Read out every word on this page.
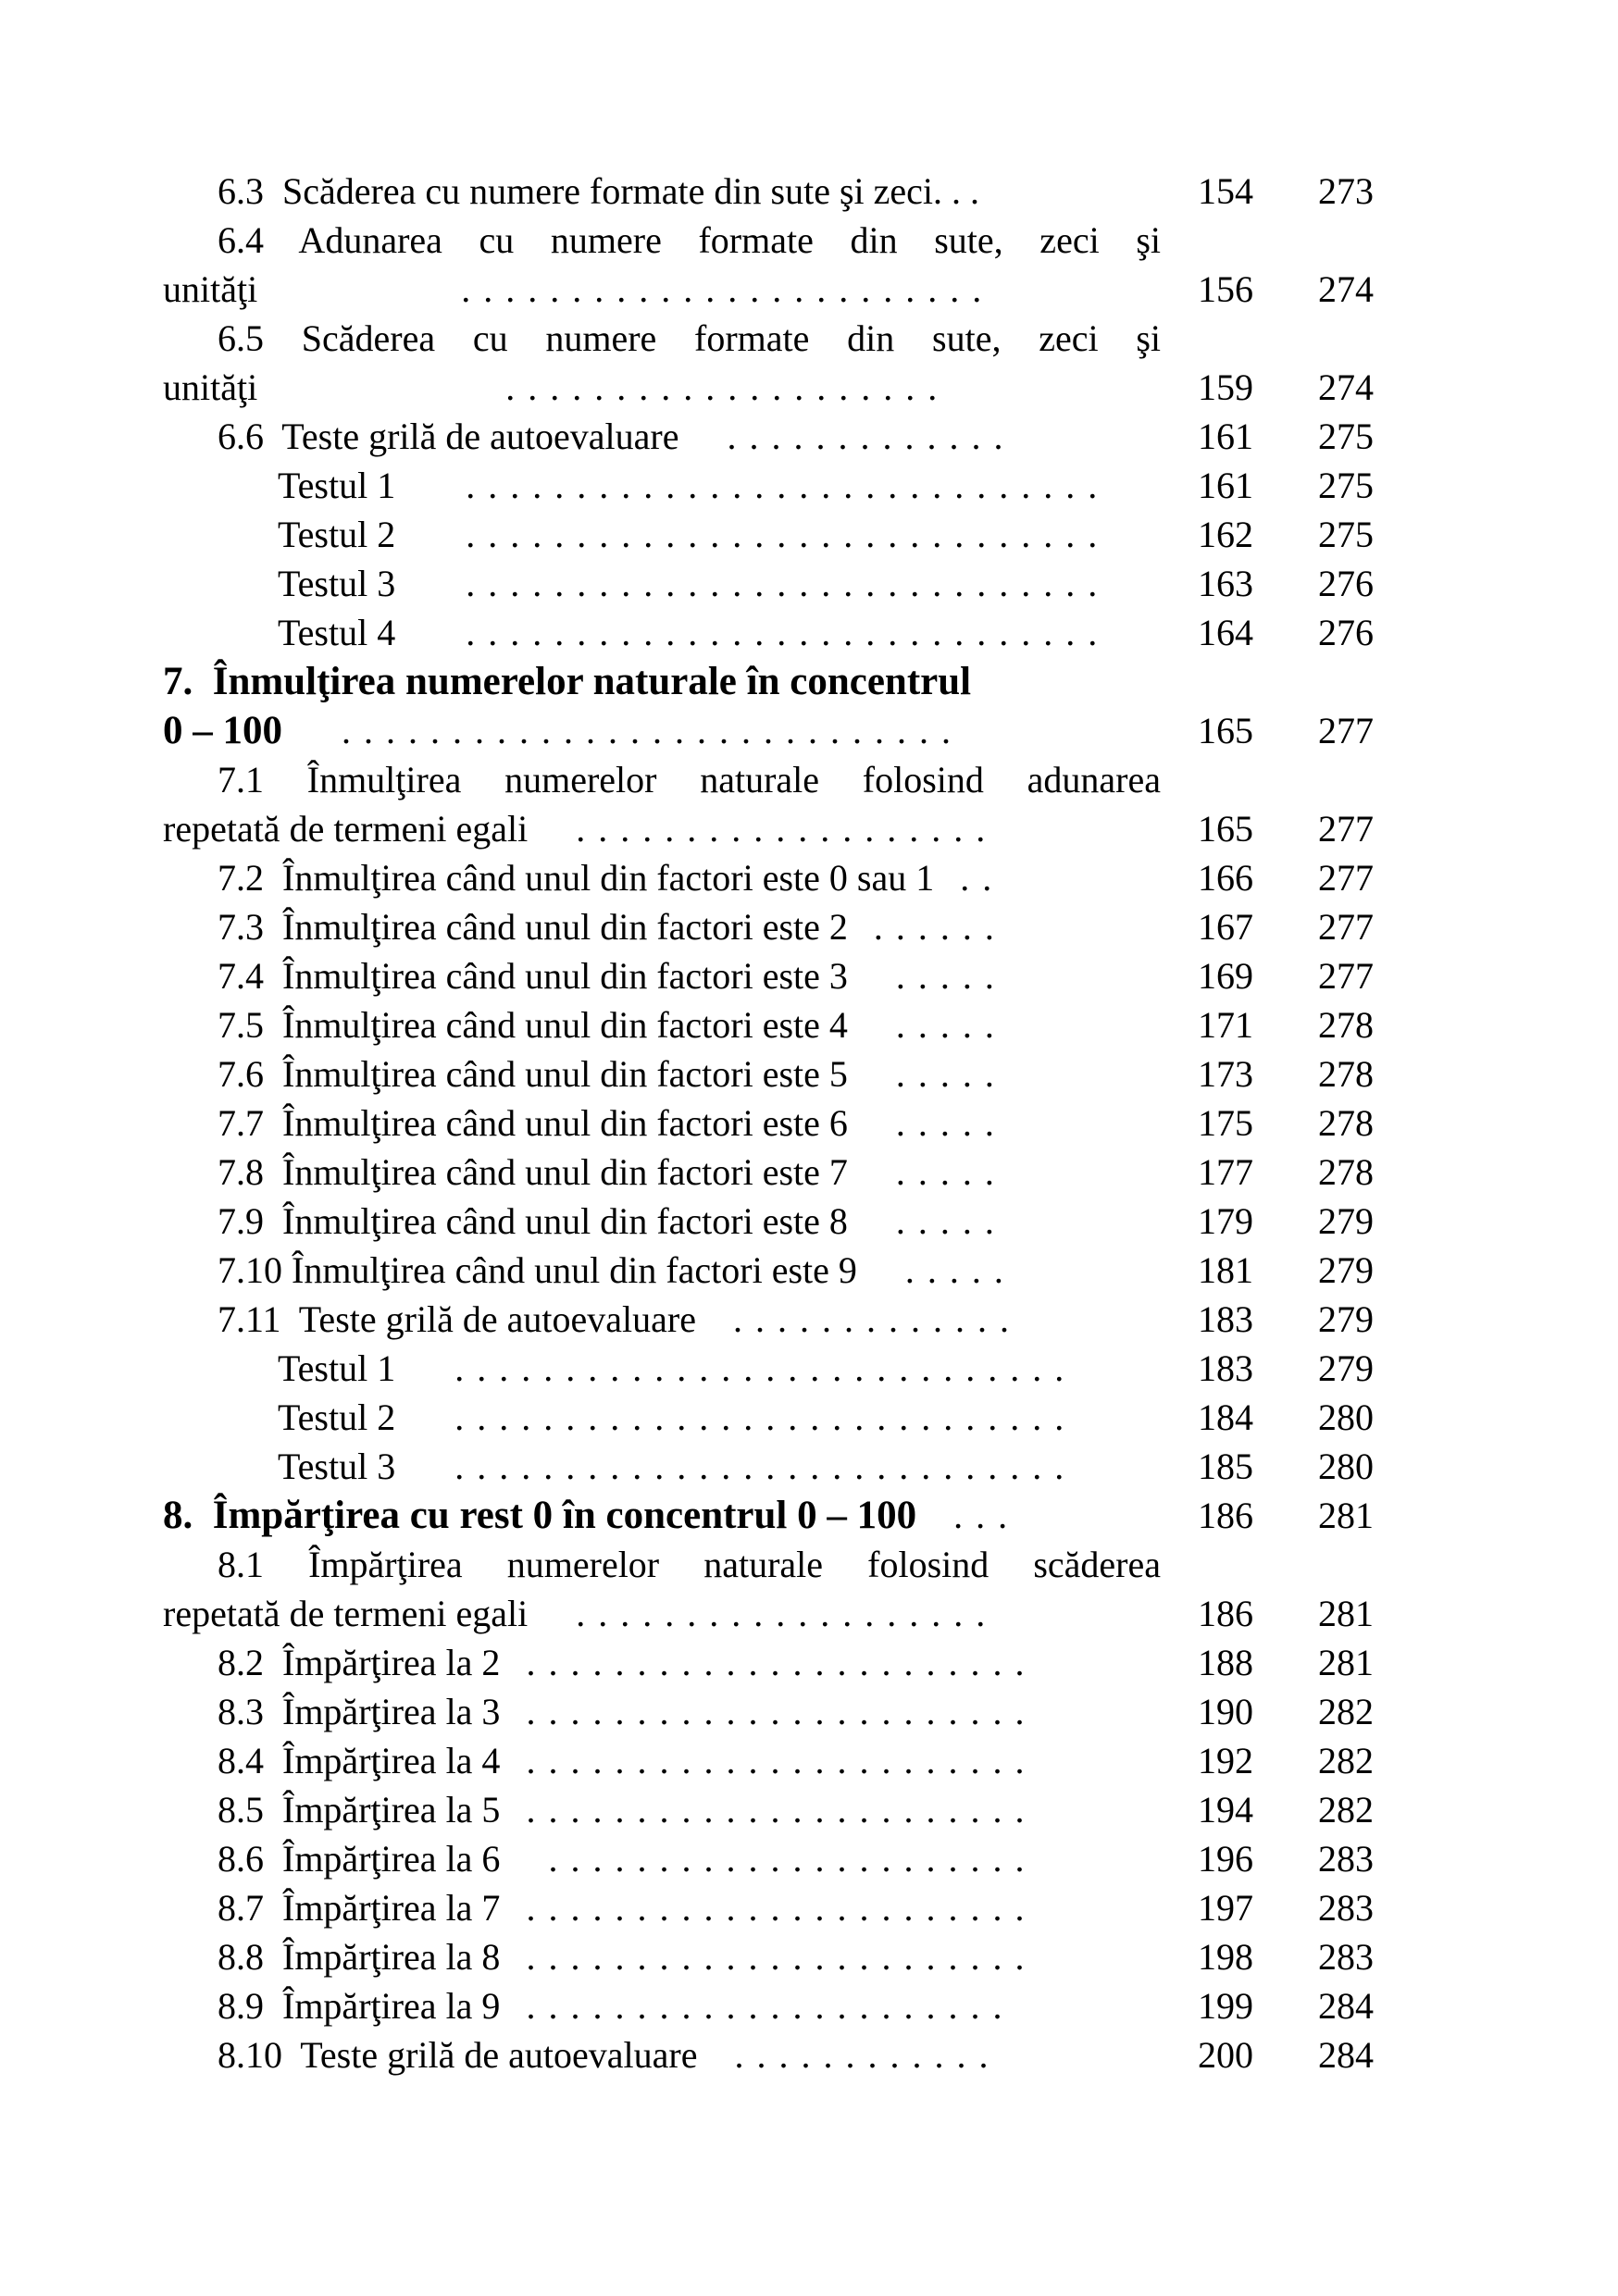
6.3  Scăderea cu numere formate din sute şi zeci. . .	154	273
6.4 Adunarea cu numere formate din sute, zeci şi
unităţi . . . . . . . . . . . . . . . . . . . . . . . .	156	274
6.5 Scăderea cu numere formate din sute, zeci şi
unităţi . . . . . . . . . . . . . . . . . . . .	159	274
6.6  Teste grilă de autoevaluare . . . . . . . . . . . . .	161	275
Testul 1 . . . . . . . . . . . . . . . . . . . . . . . . . . . . .	161	275
Testul 2 . . . . . . . . . . . . . . . . . . . . . . . . . . . . .	162	275
Testul 3 . . . . . . . . . . . . . . . . . . . . . . . . . . . . .	163	276
Testul 4 . . . . . . . . . . . . . . . . . . . . . . . . . . . . .	164	276
7.  Înmulţirea numerelor naturale în concentrul
0 – 100 . . . . . . . . . . . . . . . . . . . . . . . . . . . .	165	277
7.1 Înmulţirea numerelor naturale folosind adunarea
repetată de termeni egali . . . . . . . . . . . . . . . . . . .	165	277
7.2  Înmulţirea când unul din factori este 0 sau 1 . .	166	277
7.3  Înmulţirea când unul din factori este 2 . . . . . .	167	277
7.4  Înmulţirea când unul din factori este 3 . . . . .	169	277
7.5  Înmulţirea când unul din factori este 4 . . . . .	171	278
7.6  Înmulţirea când unul din factori este 5 . . . . .	173	278
7.7  Înmulţirea când unul din factori este 6 . . . . .	175	278
7.8  Înmulţirea când unul din factori este 7 . . . . .	177	278
7.9  Înmulţirea când unul din factori este 8 . . . . .	179	279
7.10 Înmulţirea când unul din factori este 9 . . . . .	181	279
7.11  Teste grilă de autoevaluare . . . . . . . . . . . . .	183	279
Testul 1 . . . . . . . . . . . . . . . . . . . . . . . . . . . .	183	279
Testul 2 . . . . . . . . . . . . . . . . . . . . . . . . . . . .	184	280
Testul 3 . . . . . . . . . . . . . . . . . . . . . . . . . . . .	185	280
8.  Împărţirea cu rest 0 în concentrul 0 – 100 . . .	186	281
8.1 Împărţirea numerelor naturale folosind scăderea
repetată de termeni egali . . . . . . . . . . . . . . . . . . .	186	281
8.2  Împărţirea la 2 . . . . . . . . . . . . . . . . . . . . . . .	188	281
8.3  Împărţirea la 3 . . . . . . . . . . . . . . . . . . . . . . .	190	282
8.4  Împărţirea la 4 . . . . . . . . . . . . . . . . . . . . . . .	192	282
8.5  Împărţirea la 5 . . . . . . . . . . . . . . . . . . . . . . .	194	282
8.6  Împărţirea la 6 . . . . . . . . . . . . . . . . . . . . . .	196	283
8.7  Împărţirea la 7 . . . . . . . . . . . . . . . . . . . . . . .	197	283
8.8  Împărţirea la 8 . . . . . . . . . . . . . . . . . . . . . . .	198	283
8.9  Împărţirea la 9 . . . . . . . . . . . . . . . . . . . . . .	199	284
8.10  Teste grilă de autoevaluare . . . . . . . . . . . .	200	284
